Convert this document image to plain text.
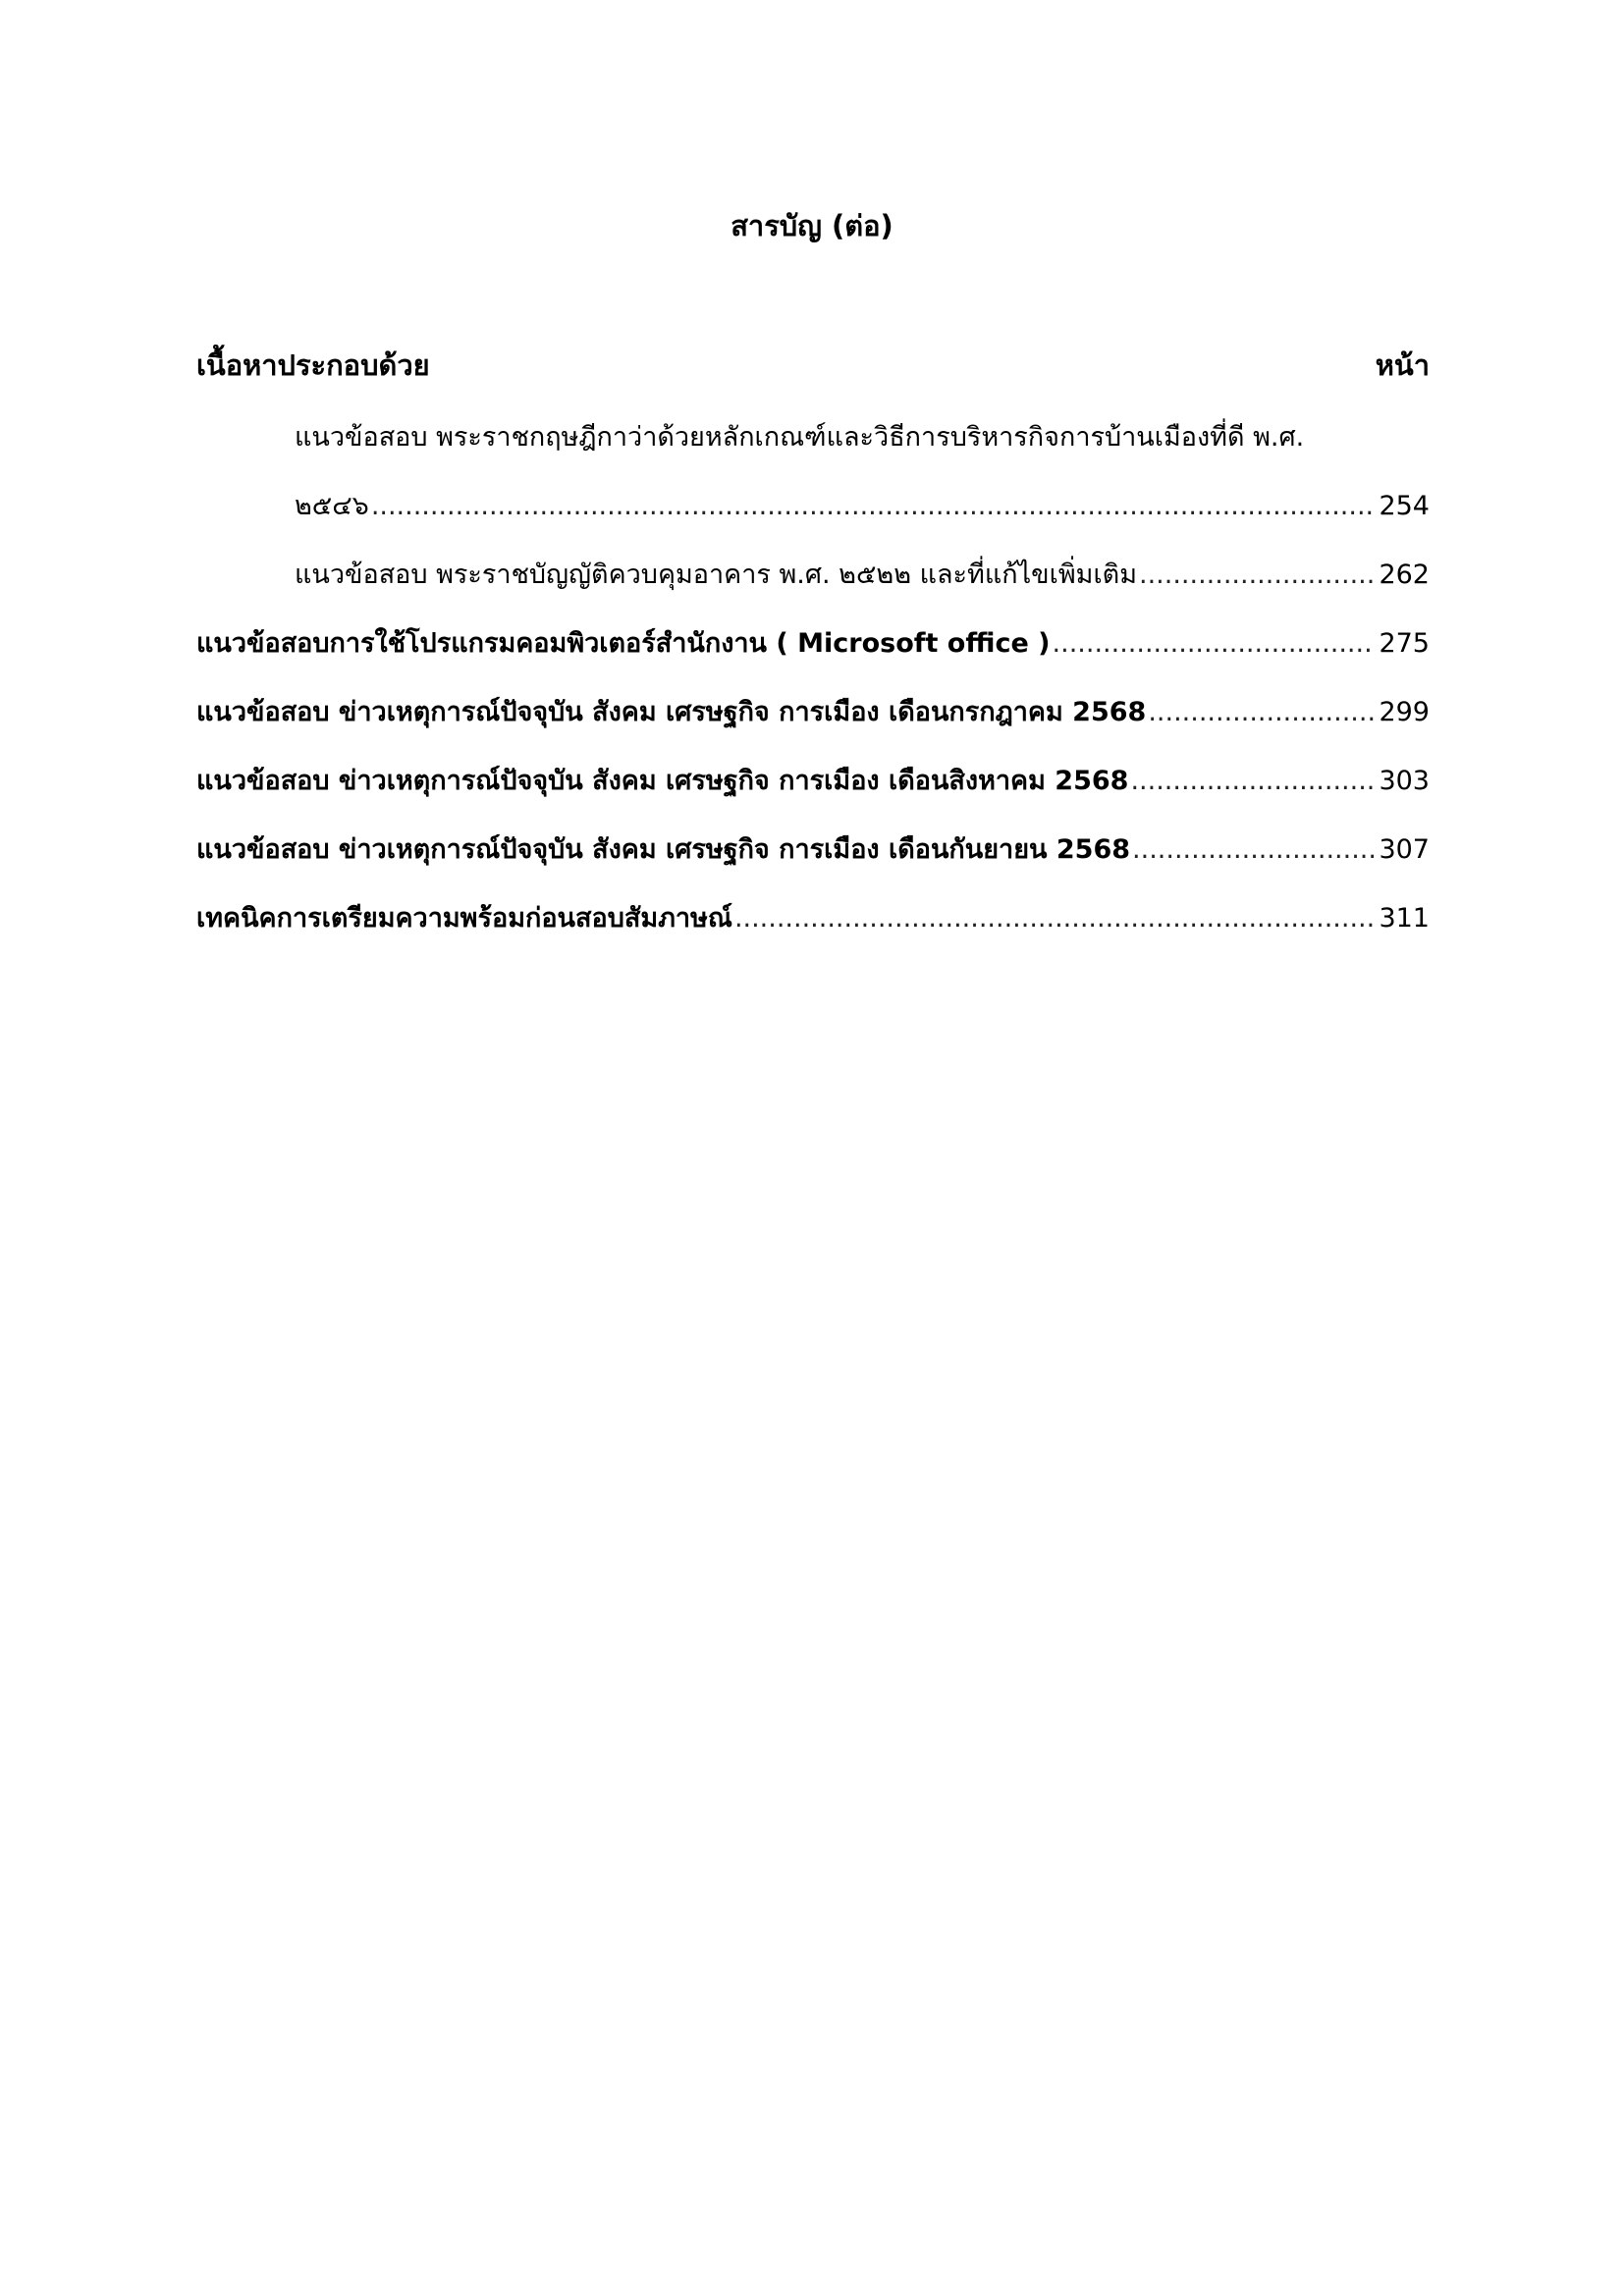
สารบัญ (ต่อ)
เนื้อหาประกอบด้วย	หน้า
แนวข้อสอบ พระราชกฤษฎีกาว่าด้วยหลักเกณฑ์และวิธีการบริหารกิจการบ้านเมืองที่ดี พ.ศ.
๒๕๔๖ .....	254
แนวข้อสอบ พระราชบัญญัติควบคุมอาคาร พ.ศ. ๒๕๒๒ และที่แก้ไขเพิ่มเติม .....	262
แนวข้อสอบการใช้โปรแกรมคอมพิวเตอร์สำนักงาน ( Microsoft office ) .....	275
แนวข้อสอบ ข่าวเหตุการณ์ปัจจุบัน สังคม เศรษฐกิจ การเมือง เดือนกรกฎาคม 2568 .....	299
แนวข้อสอบ ข่าวเหตุการณ์ปัจจุบัน สังคม เศรษฐกิจ การเมือง เดือนสิงหาคม 2568 .....	303
แนวข้อสอบ ข่าวเหตุการณ์ปัจจุบัน สังคม เศรษฐกิจ การเมือง เดือนกันยายน 2568 .....	307
เทคนิคการเตรียมความพร้อมก่อนสอบสัมภาษณ์ .....	311
